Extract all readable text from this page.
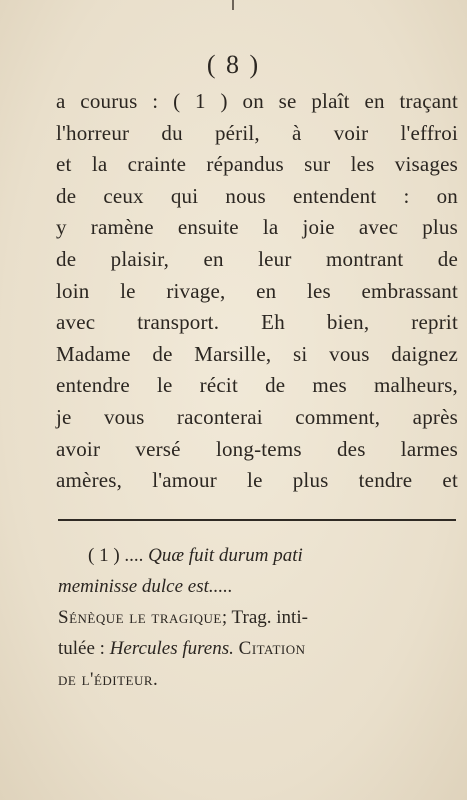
( 8 )
a courus : ( 1 ) on se plaît en traçant
l'horreur du péril, à voir l'effroi
et la crainte répandus sur les visages
de ceux qui nous entendent : on
y ramène ensuite la joie avec plus
de plaisir, en leur montrant de
loin le rivage, en les embrassant
avec transport. Eh bien, reprit
Madame de Marsille, si vous daignez
entendre le récit de mes malheurs,
je vous raconterai comment, après
avoir versé long-tems des larmes
amères, l'amour le plus tendre et
( 1 ) .... Quæ fuit durum pati
meminisse dulce est.....
Sénèque le tragique; Trag. inti-
tulée : Hercules furens. Citation
de l'éditeur.
